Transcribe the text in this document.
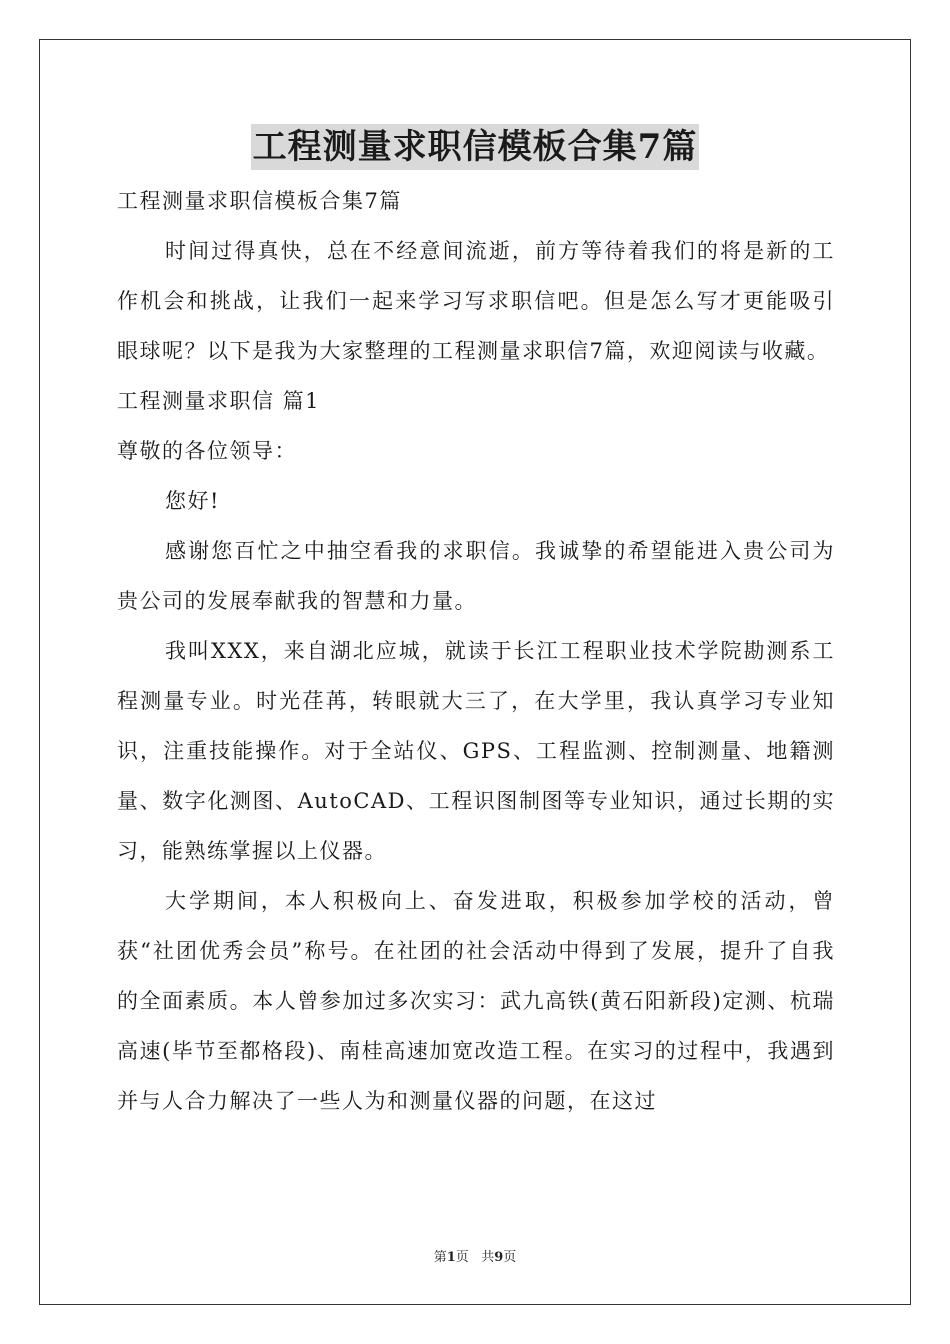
工程测量求职信模板合集7篇

工程测量求职信模板合集7篇

时间过得真快，总在不经意间流逝，前方等待着我们的将是新的工作机会和挑战，让我们一起来学习写求职信吧。但是怎么写才更能吸引眼球呢？以下是我为大家整理的工程测量求职信7篇，欢迎阅读与收藏。

工程测量求职信 篇1

尊敬的各位领导：

您好!

感谢您百忙之中抽空看我的求职信。我诚挚的希望能进入贵公司为贵公司的发展奉献我的智慧和力量。

我叫XXX，来自湖北应城，就读于长江工程职业技术学院勘测系工程测量专业。时光荏苒，转眼就大三了，在大学里，我认真学习专业知识，注重技能操作。对于全站仪、GPS、工程监测、控制测量、地籍测量、数字化测图、AutoCAD、工程识图制图等专业知识，通过长期的实习，能熟练掌握以上仪器。

大学期间，本人积极向上、奋发进取，积极参加学校的活动，曾获“社团优秀会员”称号。在社团的社会活动中得到了发展，提升了自我的全面素质。本人曾参加过多次实习：武九高铁(黄石阳新段)定测、杭瑞高速(毕节至都格段)、南桂高速加宽改造工程。在实习的过程中，我遇到并与人合力解决了一些人为和测量仪器的问题，在这过

第1页 共9页
